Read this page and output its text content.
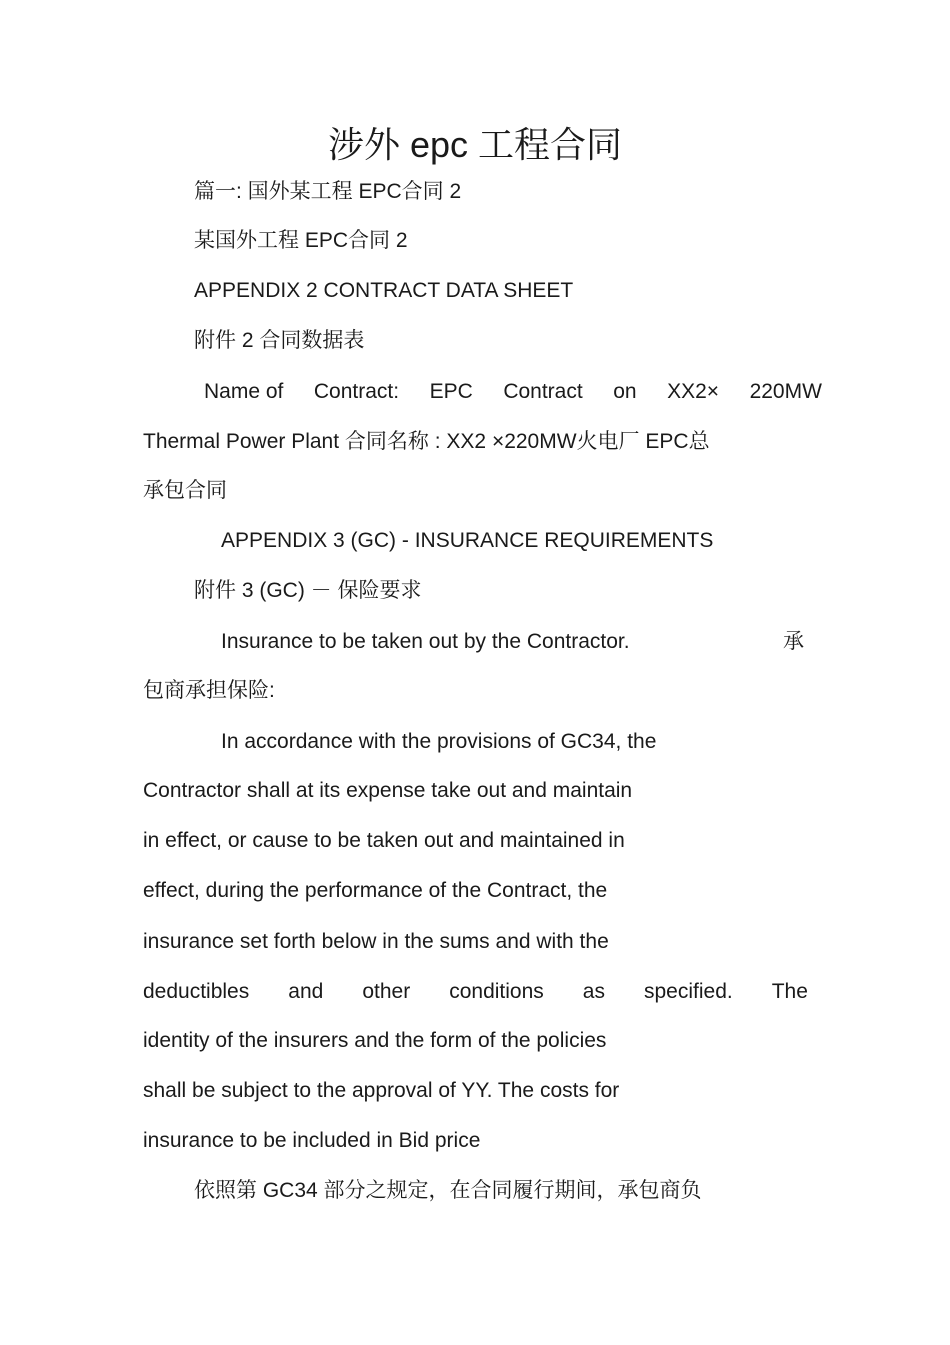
涉外 epc 工程合同
篇一: 国外某工程 EPC合同 2
某国外工程 EPC合同 2
APPENDIX 2 CONTRACT DATA SHEET
附件 2 合同数据表
Name of Contract: EPC Contract on XX2× 220MW
Thermal Power Plant 合同名称 : XX2 ×220MW火电厂 EPC总
承包合同
APPENDIX 3 (GC) - INSURANCE REQUIREMENTS
附件 3 (GC) － 保险要求
Insurance to be taken out by the Contractor.	承
包商承担保险:
In accordance with the provisions of GC34, the
Contractor shall at its expense take out and maintain
in effect, or cause to be taken out and maintained in
effect, during the performance of the Contract, the
insurance set forth below in the sums and with the
deductibles and other conditions as specified. The
identity of the insurers and the form of the policies
shall be subject to the approval of YY. The costs for
insurance to be included in Bid price
依照第 GC34 部分之规定，在合同履行期间，承包商负
